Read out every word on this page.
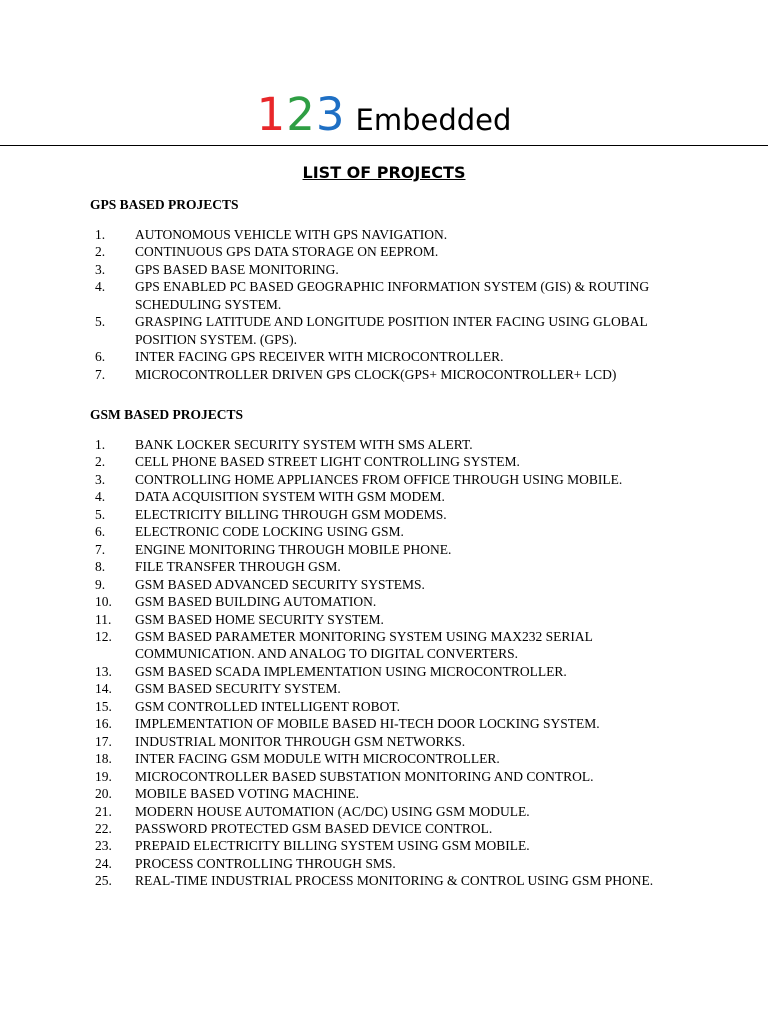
123 Embedded
LIST OF PROJECTS
GPS BASED PROJECTS
1.	AUTONOMOUS VEHICLE WITH GPS NAVIGATION.
2.	CONTINUOUS GPS DATA STORAGE ON EEPROM.
3.	GPS BASED BASE MONITORING.
4.	GPS ENABLED PC BASED GEOGRAPHIC INFORMATION SYSTEM (GIS) & ROUTING SCHEDULING SYSTEM.
5.	GRASPING LATITUDE AND LONGITUDE POSITION INTER FACING USING GLOBAL POSITION SYSTEM. (GPS).
6.	INTER FACING GPS RECEIVER WITH MICROCONTROLLER.
7.	MICROCONTROLLER DRIVEN GPS CLOCK(GPS+ MICROCONTROLLER+ LCD)
GSM BASED PROJECTS
1.	BANK LOCKER SECURITY SYSTEM WITH SMS ALERT.
2.	CELL PHONE BASED STREET LIGHT CONTROLLING SYSTEM.
3.	CONTROLLING HOME APPLIANCES FROM OFFICE THROUGH USING MOBILE.
4.	DATA ACQUISITION SYSTEM WITH GSM MODEM.
5.	ELECTRICITY BILLING THROUGH GSM MODEMS.
6.	ELECTRONIC CODE LOCKING USING GSM.
7.	ENGINE MONITORING THROUGH MOBILE PHONE.
8.	FILE TRANSFER THROUGH GSM.
9.	GSM BASED ADVANCED SECURITY SYSTEMS.
10.	GSM BASED BUILDING AUTOMATION.
11.	GSM BASED HOME SECURITY SYSTEM.
12.	GSM BASED PARAMETER MONITORING SYSTEM USING MAX232 SERIAL COMMUNICATION. AND ANALOG TO DIGITAL CONVERTERS.
13.	GSM BASED SCADA IMPLEMENTATION USING MICROCONTROLLER.
14.	GSM BASED SECURITY SYSTEM.
15.	GSM CONTROLLED INTELLIGENT ROBOT.
16.	IMPLEMENTATION OF MOBILE BASED HI-TECH DOOR LOCKING SYSTEM.
17.	INDUSTRIAL MONITOR THROUGH GSM NETWORKS.
18.	INTER FACING GSM MODULE WITH MICROCONTROLLER.
19.	MICROCONTROLLER BASED SUBSTATION MONITORING AND CONTROL.
20.	MOBILE BASED VOTING MACHINE.
21.	MODERN HOUSE AUTOMATION (AC/DC) USING GSM MODULE.
22.	PASSWORD PROTECTED GSM BASED DEVICE CONTROL.
23.	PREPAID ELECTRICITY BILLING SYSTEM USING GSM MOBILE.
24.	PROCESS CONTROLLING THROUGH SMS.
25.	REAL-TIME INDUSTRIAL PROCESS MONITORING & CONTROL USING GSM PHONE.
